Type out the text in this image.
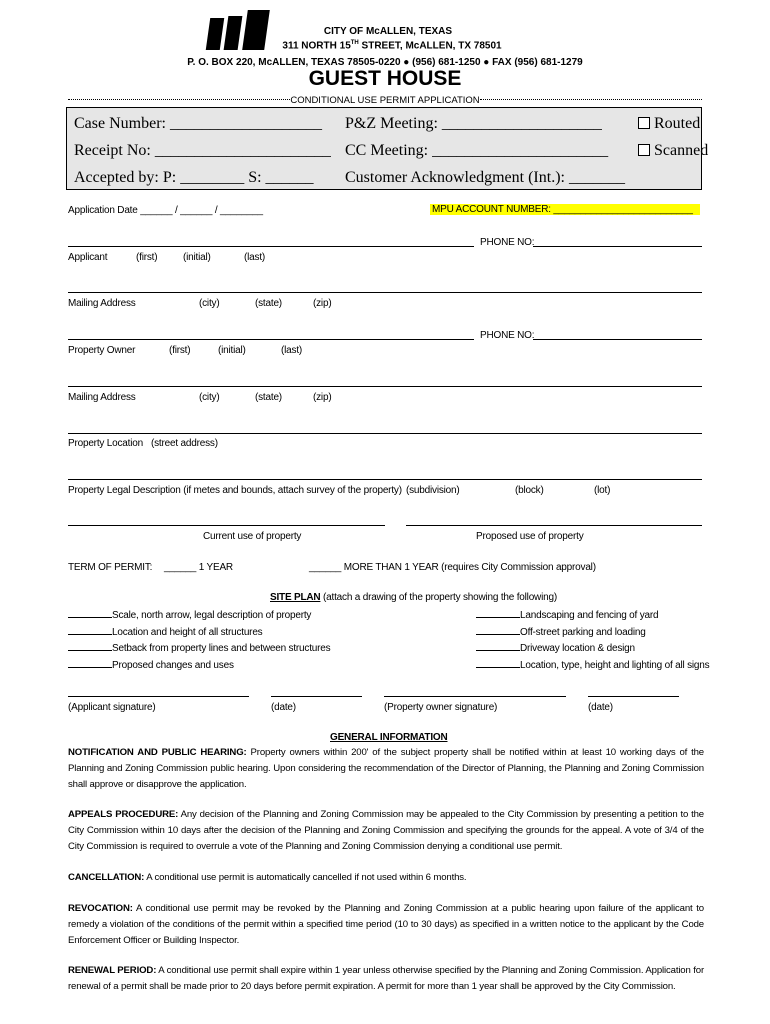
CITY OF McALLEN, TEXAS
311 NORTH 15TH STREET, McALLEN, TX 78501
P. O. BOX 220, McALLEN, TEXAS 78505-0220 ● (956) 681-1250 ● FAX (956) 681-1279
GUEST HOUSE
CONDITIONAL USE PERMIT APPLICATION
Case Number: ___________________ P&Z Meeting: ____________________	Routed
Receipt No: ______________________ CC Meeting: ______________________	Scanned
Accepted by: P: ________ S: ______ Customer Acknowledgment (Int.): _______
Application Date ______ / ______ / ________	MPU ACCOUNT NUMBER: __________________________
PHONE NO:
Applicant	(first)	(initial)	(last)
Mailing Address	(city)	(state)	(zip)
PHONE NO:
Property Owner	(first)	(initial)	(last)
Mailing Address	(city)	(state)	(zip)
Property Location (street address)
Property Legal Description (if metes and bounds, attach survey of the property) (subdivision)	(block)	(lot)
Current use of property	Proposed use of property
TERM OF PERMIT: ______ 1 YEAR	______ MORE THAN 1 YEAR (requires City Commission approval)
SITE PLAN (attach a drawing of the property showing the following)
Scale, north arrow, legal description of property
Location and height of all structures
Setback from property lines and between structures
Proposed changes and uses
Landscaping and fencing of yard
Off-street parking and loading
Driveway location & design
Location, type, height and lighting of all signs
(Applicant signature)	(date)	(Property owner signature)	(date)
GENERAL INFORMATION
NOTIFICATION AND PUBLIC HEARING: Property owners within 200' of the subject property shall be notified within at least 10 working days of the Planning and Zoning Commission public hearing. Upon considering the recommendation of the Director of Planning, the Planning and Zoning Commission shall approve or disapprove the application.
APPEALS PROCEDURE: Any decision of the Planning and Zoning Commission may be appealed to the City Commission by presenting a petition to the City Commission within 10 days after the decision of the Planning and Zoning Commission and specifying the grounds for the appeal. A vote of 3/4 of the City Commission is required to overrule a vote of the Planning and Zoning Commission denying a conditional use permit.
CANCELLATION: A conditional use permit is automatically cancelled if not used within 6 months.
REVOCATION: A conditional use permit may be revoked by the Planning and Zoning Commission at a public hearing upon failure of the applicant to remedy a violation of the conditions of the permit within a specified time period (10 to 30 days) as specified in a written notice to the applicant by the Code Enforcement Officer or Building Inspector.
RENEWAL PERIOD: A conditional use permit shall expire within 1 year unless otherwise specified by the Planning and Zoning Commission. Application for renewal of a permit shall be made prior to 20 days before permit expiration. A permit for more than 1 year shall be approved by the City Commission.
